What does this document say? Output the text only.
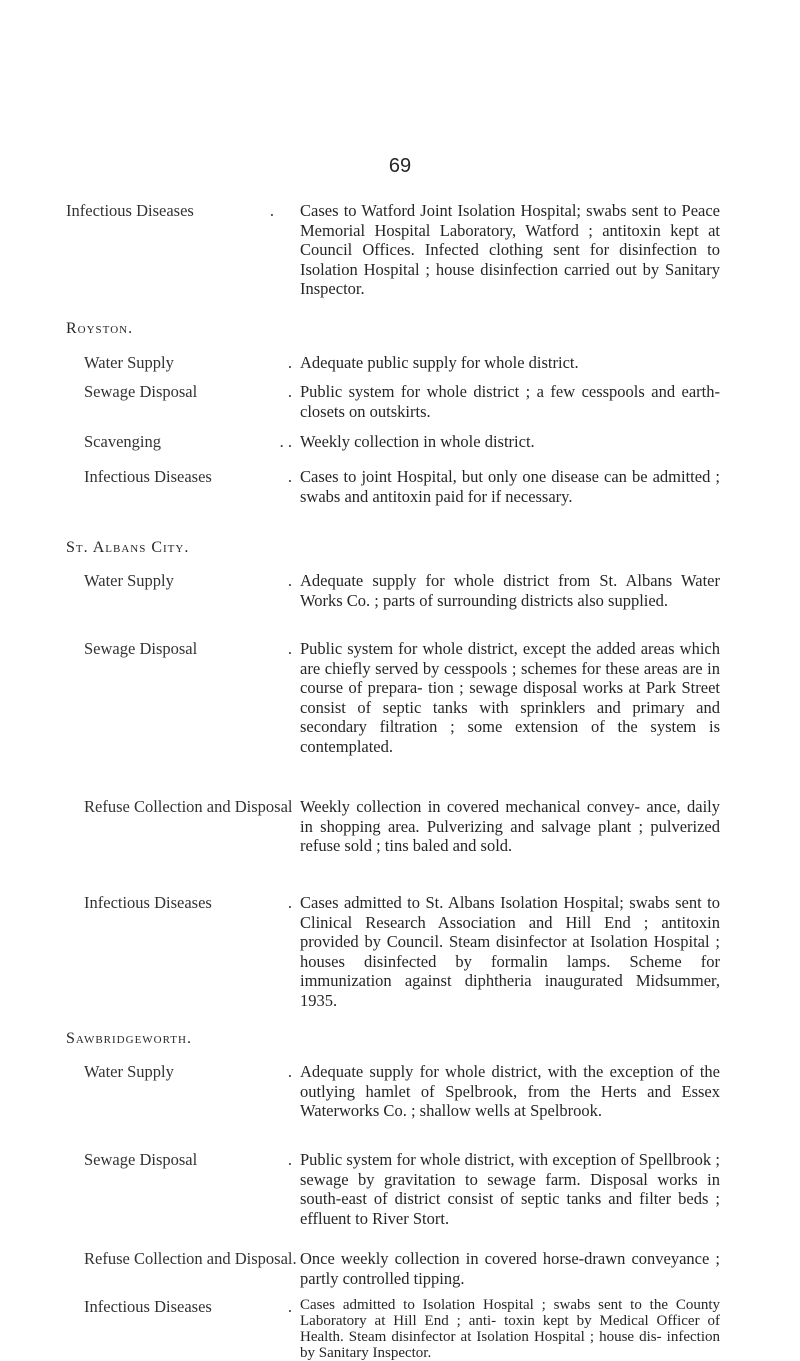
69
Infectious Diseases	. Cases to Watford Joint Isolation Hospital; swabs sent to Peace Memorial Hospital Laboratory, Watford ; antitoxin kept at Council Offices. Infected clothing sent for disinfection to Isolation Hospital ; house disinfection carried out by Sanitary Inspector.
Royston.
Water Supply	. Adequate public supply for whole district.
Sewage Disposal	. Public system for whole district ; a few cesspools and earth-closets on outskirts.
Scavenging	. . Weekly collection in whole district.
Infectious Diseases	. Cases to joint Hospital, but only one disease can be admitted ; swabs and antitoxin paid for if necessary.
St. Albans City.
Water Supply	. Adequate supply for whole district from St. Albans Water Works Co. ; parts of surrounding districts also supplied.
Sewage Disposal	. Public system for whole district, except the added areas which are chiefly served by cesspools ; schemes for these areas are in course of prepara- tion ; sewage disposal works at Park Street consist of septic tanks with sprinklers and primary and secondary filtration ; some extension of the system is contemplated.
Refuse Collection and Disposal Weekly collection in covered mechanical convey- ance, daily in shopping area. Pulverizing and salvage plant ; pulverized refuse sold ; tins baled and sold.
Infectious Diseases	. Cases admitted to St. Albans Isolation Hospital; swabs sent to Clinical Research Association and Hill End ; antitoxin provided by Council. Steam disinfector at Isolation Hospital ; houses disinfected by formalin lamps. Scheme for immunization against diphtheria inaugurated Midsummer, 1935.
Sawbridgeworth.
Water Supply	. Adequate supply for whole district, with the exception of the outlying hamlet of Spelbrook, from the Herts and Essex Waterworks Co. ; shallow wells at Spelbrook.
Sewage Disposal	. Public system for whole district, with exception of Spellbrook ; sewage by gravitation to sewage farm. Disposal works in south-east of district consist of septic tanks and filter beds ; effluent to River Stort.
Refuse Collection and Disposal. Once weekly collection in covered horse-drawn conveyance ; partly controlled tipping.
Infectious Diseases	. Cases admitted to Isolation Hospital ; swabs sent to the County Laboratory at Hill End ; anti- toxin kept by Medical Officer of Health. Steam disinfector at Isolation Hospital ; house dis- infection by Sanitary Inspector.
